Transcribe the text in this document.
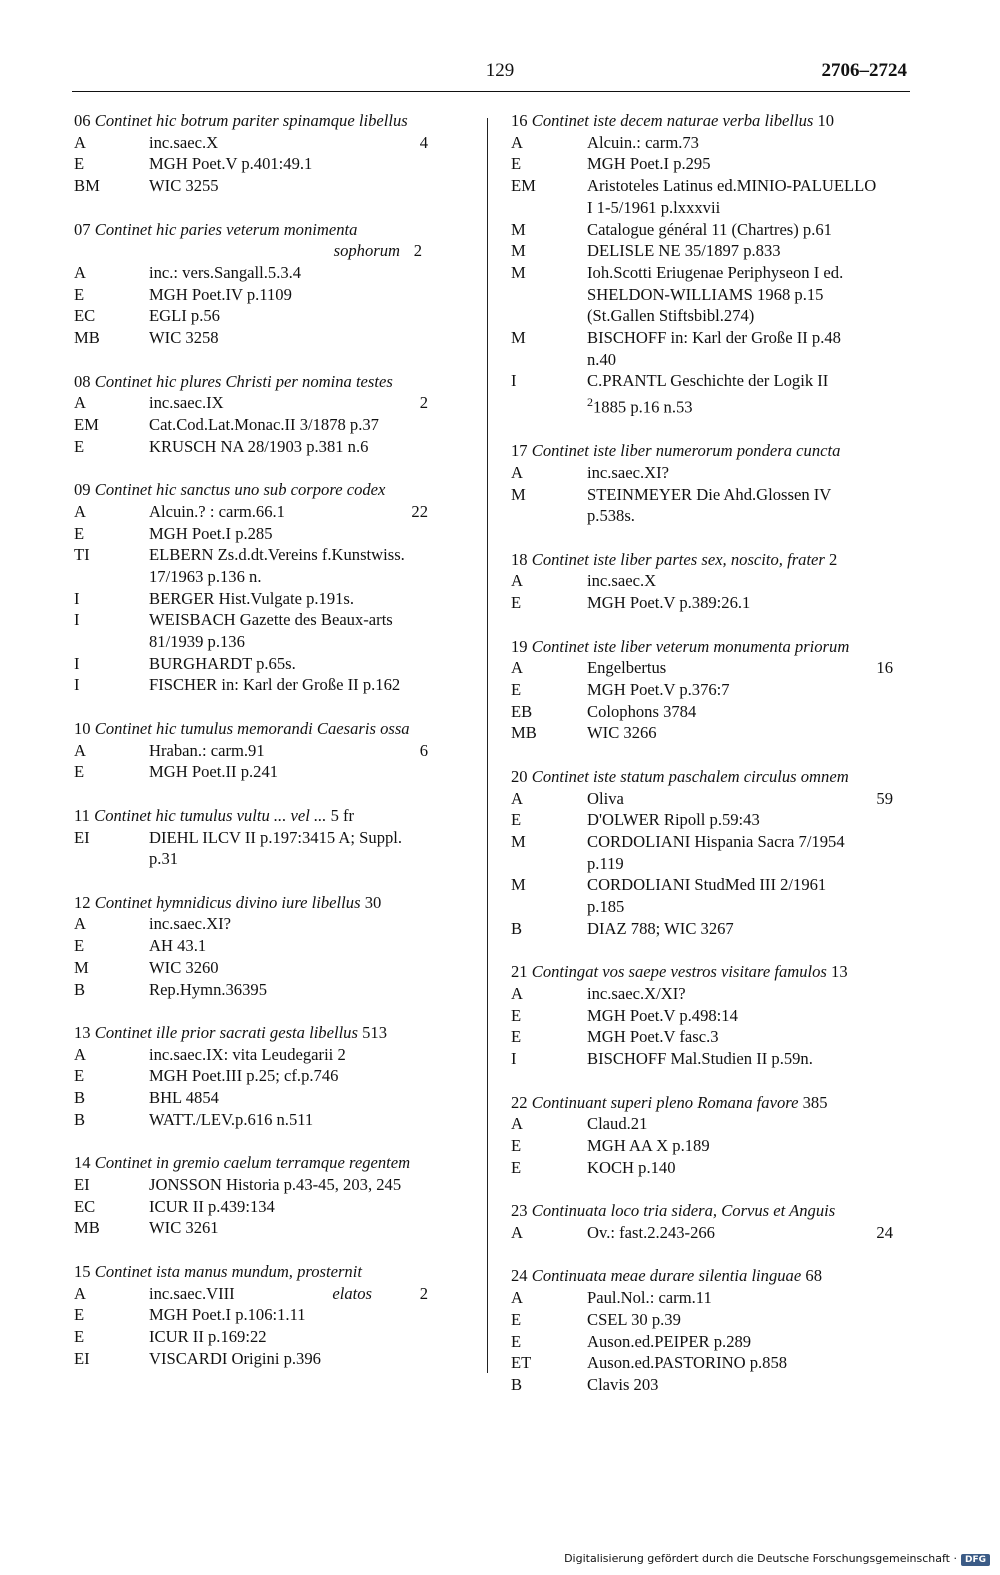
129	2706–2724
06 Continet hic botrum pariter spinamque libellus
A	inc.saec.X	4
E	MGH Poet.V p.401:49.1
BM	WIC 3255
07 Continet hic paries veterum monimenta
sophorum 2
A	inc.: vers.Sangall.5.3.4
E	MGH Poet.IV p.1109
EC	EGLI p.56
MB	WIC 3258
08 Continet hic plures Christi per nomina testes
A	inc.saec.IX	2
EM	Cat.Cod.Lat.Monac.II 3/1878 p.37
E	KRUSCH NA 28/1903 p.381 n.6
09 Continet hic sanctus uno sub corpore codex
A	Alcuin.? : carm.66.1	22
E	MGH Poet.I p.285
TI	ELBERN Zs.d.dt.Vereins f.Kunstwiss.
17/1963 p.136 n.
I	BERGER Hist.Vulgate p.191s.
I	WEISBACH Gazette des Beaux-arts
81/1939 p.136
I	BURGHARDT p.65s.
I	FISCHER in: Karl der Große II p.162
10 Continet hic tumulus memorandi Caesaris ossa
A	Hraban.: carm.91	6
E	MGH Poet.II p.241
11 Continet hic tumulus vultu ... vel ... 5 fr
EI	DIEHL ILCV II p.197:3415 A; Suppl.
p.31
12 Continet hymnidicus divino iure libellus 30
A	inc.saec.XI?
E	AH 43.1
M	WIC 3260
B	Rep.Hymn.36395
13 Continet ille prior sacrati gesta libellus 513
A	inc.saec.IX: vita Leudegarii 2
E	MGH Poet.III p.25; cf.p.746
B	BHL 4854
B	WATT./LEV.p.616 n.511
14 Continet in gremio caelum terramque regentem
EI	JONSSON Historia p.43-45, 203, 245
EC	ICUR II p.439:134
MB	WIC 3261
15 Continet ista manus mundum, prosternit
A	inc.saec.VIII	elatos	2
E	MGH Poet.I p.106:1.11
E	ICUR II p.169:22
EI	VISCARDI Origini p.396
16 Continet iste decem naturae verba libellus 10
A	Alcuin.: carm.73
E	MGH Poet.I p.295
EM	Aristoteles Latinus ed.MINIO-PALUELLO
I 1-5/1961 p.lxxxvii
M	Catalogue général 11 (Chartres) p.61
M	DELISLE NE 35/1897 p.833
M	Ioh.Scotti Eriugenae Periphyseon I ed.
SHELDON-WILLIAMS 1968 p.15
(St.Gallen Stiftsbibl.274)
M	BISCHOFF in: Karl der Große II p.48
n.40
I	C.PRANTL Geschichte der Logik II
$^2$1885 p.16 n.53
17 Continet iste liber numerorum pondera cuncta
A	inc.saec.XI?
M	STEINMEYER Die Ahd.Glossen IV
p.538s.
18 Continet iste liber partes sex, noscito, frater 2
A	inc.saec.X
E	MGH Poet.V p.389:26.1
19 Continet iste liber veterum monumenta priorum
A	Engelbertus	16
E	MGH Poet.V p.376:7
EB	Colophons 3784
MB	WIC 3266
20 Continet iste statum paschalem circulus omnem
A	Oliva	59
E	D'OLWER Ripoll p.59:43
M	CORDOLIANI Hispania Sacra 7/1954
p.119
M	CORDOLIANI StudMed III 2/1961
p.185
B	DIAZ 788; WIC 3267
21 Contingat vos saepe vestros visitare famulos 13
A	inc.saec.X/XI?
E	MGH Poet.V p.498:14
E	MGH Poet.V fasc.3
I	BISCHOFF Mal.Studien II p.59n.
22 Continuant superi pleno Romana favore 385
A	Claud.21
E	MGH AA X p.189
E	KOCH p.140
23 Continuata loco tria sidera, Corvus et Anguis
A	Ov.: fast.2.243-266	24
24 Continuata meae durare silentia linguae 68
A	Paul.Nol.: carm.11
E	CSEL 30 p.39
E	Auson.ed.PEIPER p.289
ET	Auson.ed.PASTORINO p.858
B	Clavis 203
Digitalisierung gefördert durch die Deutsche Forschungsgemeinschaft · DFG
